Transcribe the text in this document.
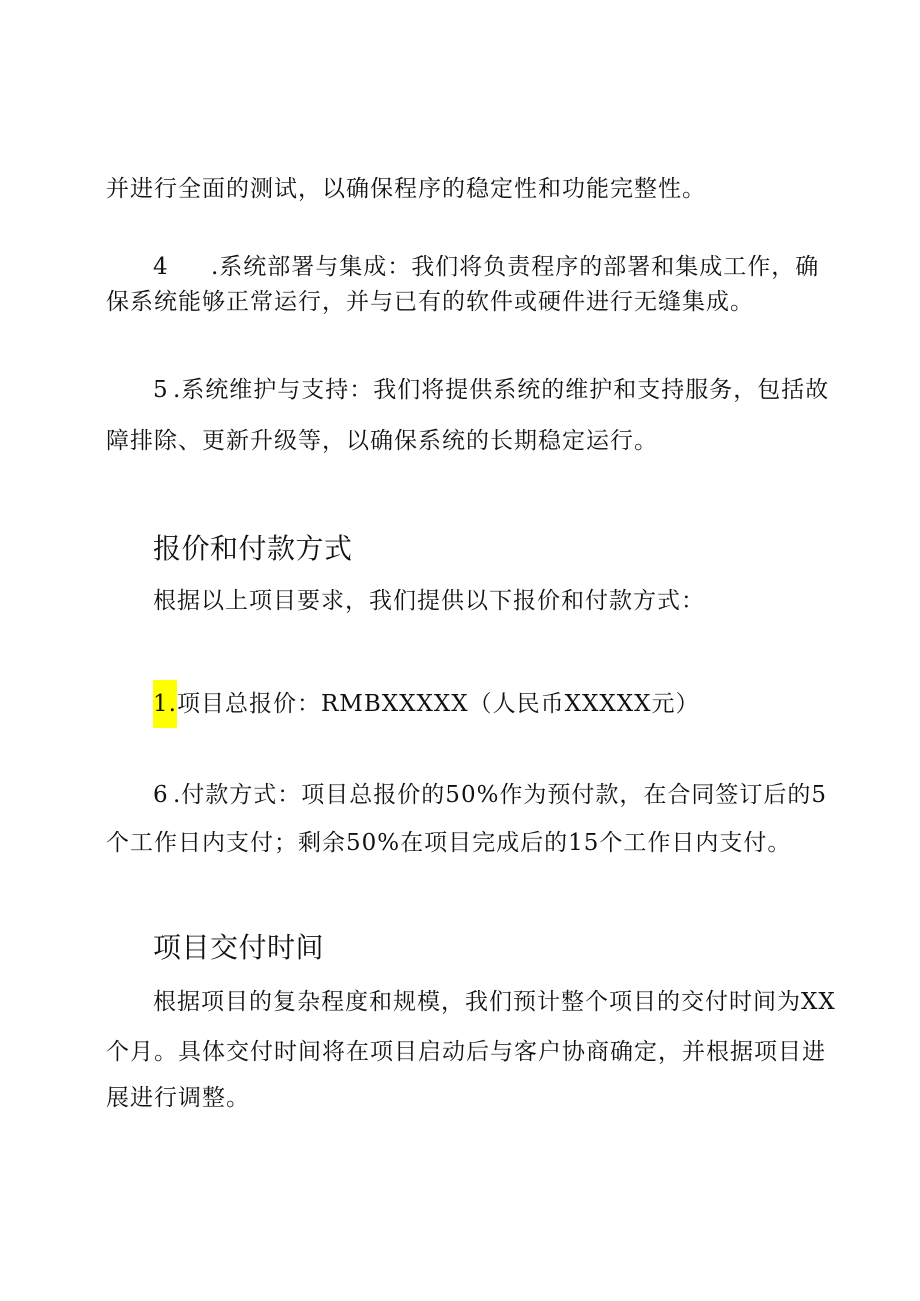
并进行全面的测试，以确保程序的稳定性和功能完整性。
4 .系统部署与集成：我们将负责程序的部署和集成工作，确
保系统能够正常运行，并与已有的软件或硬件进行无缝集成。
5 .系统维护与支持：我们将提供系统的维护和支持服务，包括故
障排除、更新升级等，以确保系统的长期稳定运行。
报价和付款方式
根据以上项目要求，我们提供以下报价和付款方式：
1.项目总报价：RMBXXXXX（人民币XXXXX元）
6 .付款方式：项目总报价的50%作为预付款，在合同签订后的5
个工作日内支付；剩余50%在项目完成后的15个工作日内支付。
项目交付时间
根据项目的复杂程度和规模，我们预计整个项目的交付时间为XX
个月。具体交付时间将在项目启动后与客户协商确定，并根据项目进
展进行调整。
